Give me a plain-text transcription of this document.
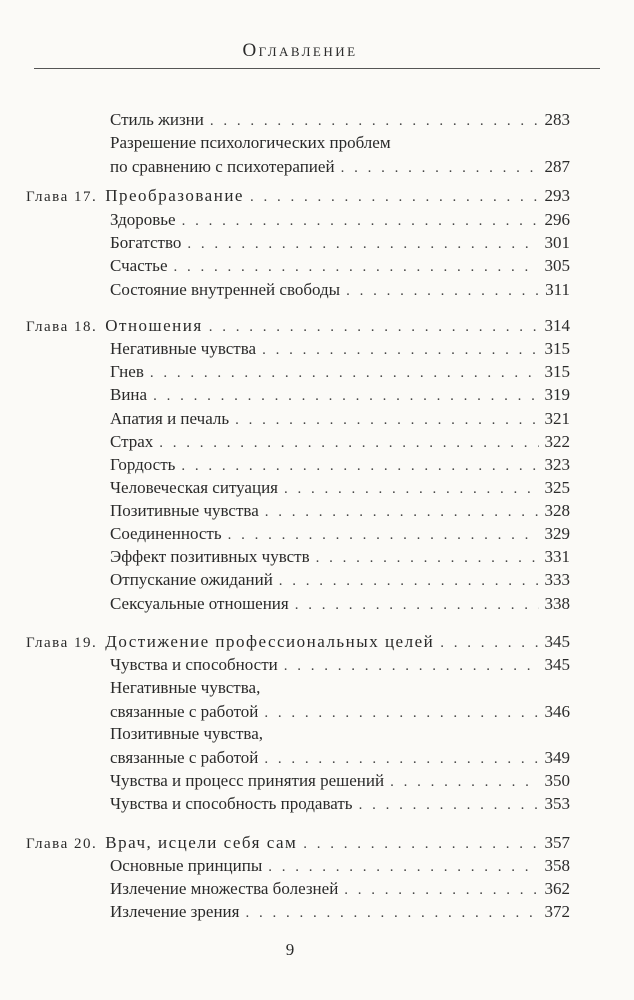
Оглавление
Стиль жизни . . .	283
Разрешение психологических проблем
по сравнению с психотерапией . . .	287
Глава 17. Преобразование . . .	293
Здоровье . . .	296
Богатство . . .	301
Счастье . . .	305
Состояние внутренней свободы . . .	311
Глава 18. Отношения . . .	314
Негативные чувства . . .	315
Гнев . . .	315
Вина . . .	319
Апатия и печаль . . .	321
Страх . . .	322
Гордость . . .	323
Человеческая ситуация . . .	325
Позитивные чувства . . .	328
Соединенность . . .	329
Эффект позитивных чувств . . .	331
Отпускание ожиданий . . .	333
Сексуальные отношения . . .	338
Глава 19. Достижение профессиональных целей . . .	345
Чувства и способности . . .	345
Негативные чувства,
связанные с работой . . .	346
Позитивные чувства,
связанные с работой . . .	349
Чувства и процесс принятия решений . . .	350
Чувства и способность продавать . . .	353
Глава 20. Врач, исцели себя сам . . .	357
Основные принципы . . .	358
Излечение множества болезней . . .	362
Излечение зрения . . .	372
9
